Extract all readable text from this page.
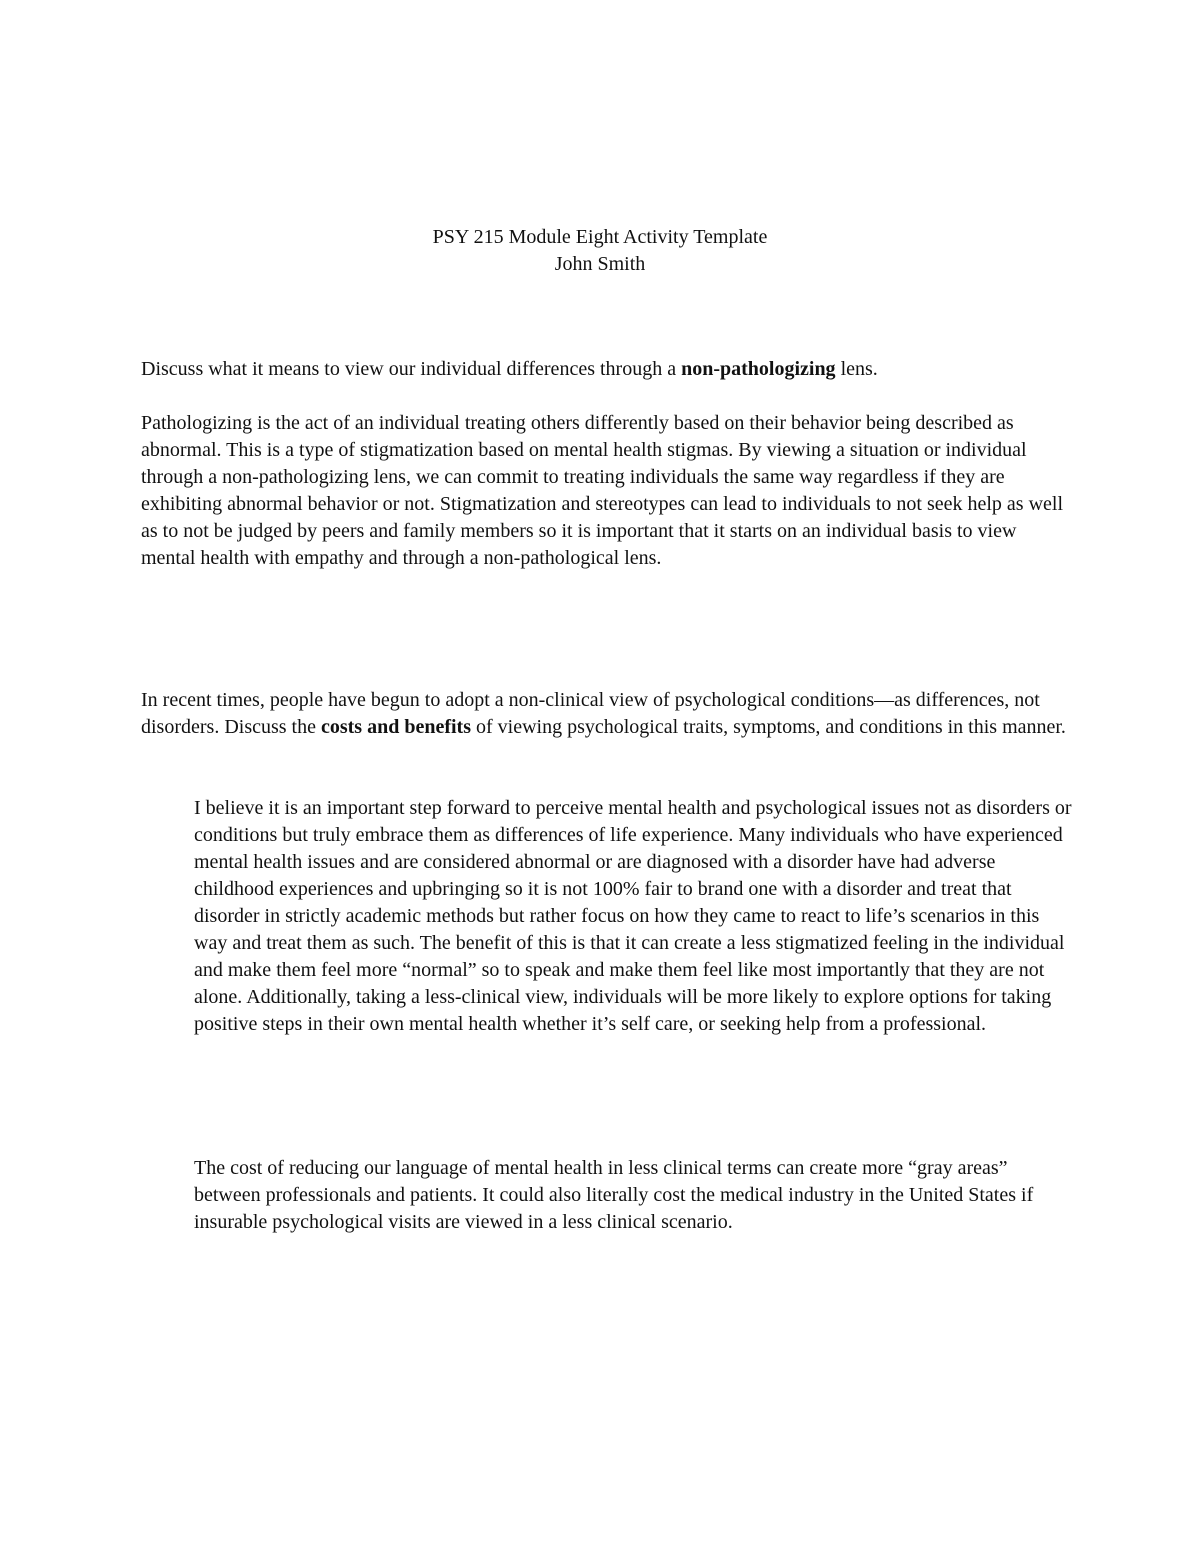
PSY 215 Module Eight Activity Template
John Smith

Discuss what it means to view our individual differences through a non-pathologizing lens.

Pathologizing is the act of an individual treating others differently based on their behavior being described as abnormal. This is a type of stigmatization based on mental health stigmas. By viewing a situation or individual through a non-pathologizing lens, we can commit to treating individuals the same way regardless if they are exhibiting abnormal behavior or not. Stigmatization and stereotypes can lead to individuals to not seek help as well as to not be judged by peers and family members so it is important that it starts on an individual basis to view mental health with empathy and through a non-pathological lens.

In recent times, people have begun to adopt a non-clinical view of psychological conditions—as differences, not disorders. Discuss the costs and benefits of viewing psychological traits, symptoms, and conditions in this manner.

I believe it is an important step forward to perceive mental health and psychological issues not as disorders or conditions but truly embrace them as differences of life experience. Many individuals who have experienced mental health issues and are considered abnormal or are diagnosed with a disorder have had adverse childhood experiences and upbringing so it is not 100% fair to brand one with a disorder and treat that disorder in strictly academic methods but rather focus on how they came to react to life’s scenarios in this way and treat them as such. The benefit of this is that it can create a less stigmatized feeling in the individual and make them feel more “normal” so to speak and make them feel like most importantly that they are not alone. Additionally, taking a less-clinical view, individuals will be more likely to explore options for taking positive steps in their own mental health whether it’s self care, or seeking help from a professional.

The cost of reducing our language of mental health in less clinical terms can create more “gray areas” between professionals and patients. It could also literally cost the medical industry in the United States if insurable psychological visits are viewed in a less clinical scenario.
